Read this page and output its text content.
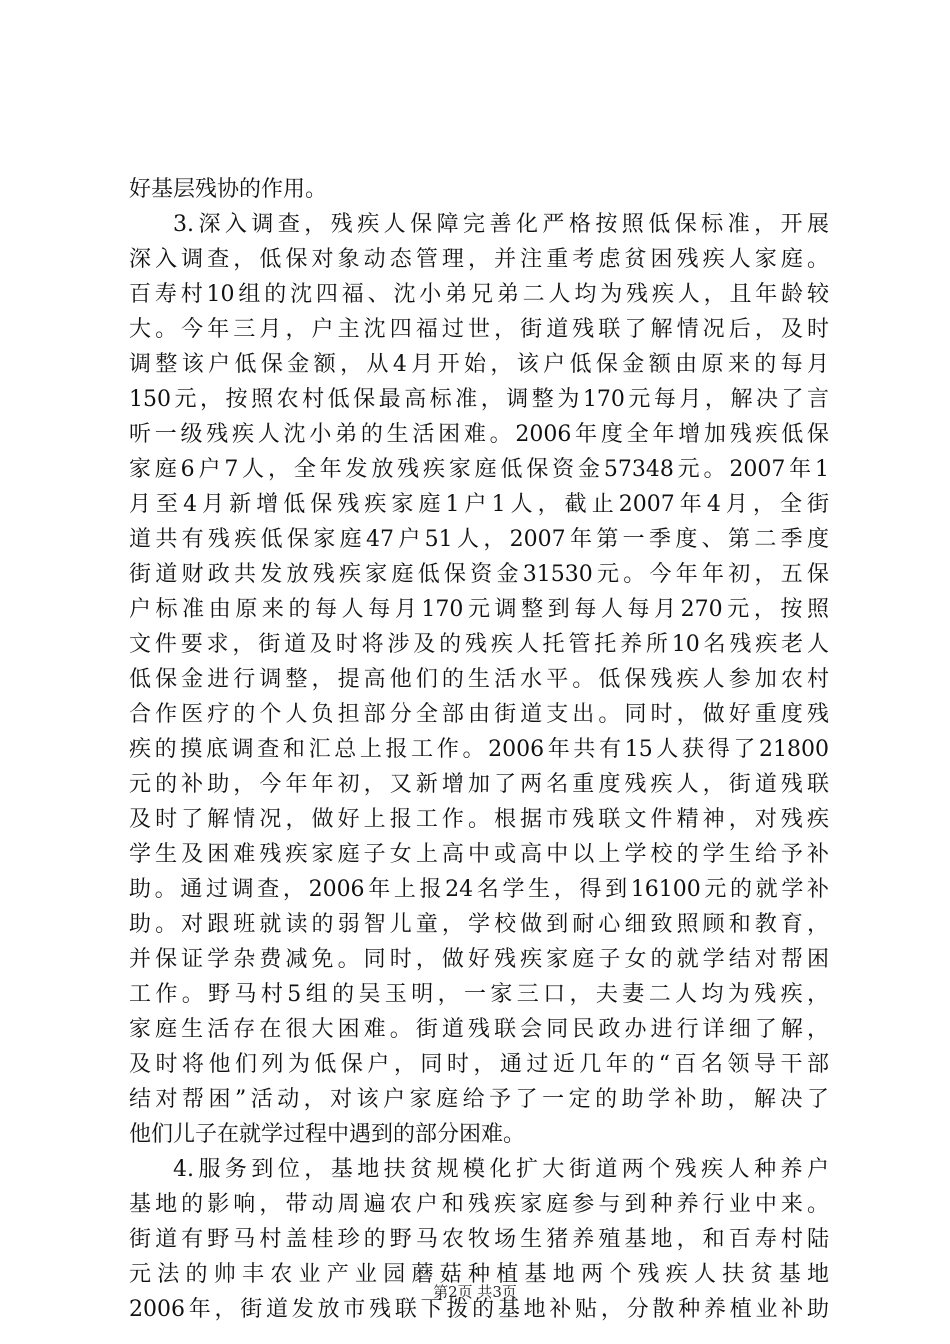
好基层残协的作用。
3.深入调查，残疾人保障完善化严格按照低保标准，开展
深入调查，低保对象动态管理，并注重考虑贫困残疾人家庭。
百寿村10组的沈四福、沈小弟兄弟二人均为残疾人，且年龄较
大。今年三月，户主沈四福过世，街道残联了解情况后，及时
调整该户低保金额，从4月开始，该户低保金额由原来的每月
150元，按照农村低保最高标准，调整为170元每月，解决了言
听一级残疾人沈小弟的生活困难。2006年度全年增加残疾低保
家庭6户7人，全年发放残疾家庭低保资金57348元。2007年1
月至4月新增低保残疾家庭1户1人，截止2007年4月，全街
道共有残疾低保家庭47户51人，2007年第一季度、第二季度
街道财政共发放残疾家庭低保资金31530元。今年年初，五保
户标准由原来的每人每月170元调整到每人每月270元，按照
文件要求，街道及时将涉及的残疾人托管托养所10名残疾老人
低保金进行调整，提高他们的生活水平。低保残疾人参加农村
合作医疗的个人负担部分全部由街道支出。同时，做好重度残
疾的摸底调查和汇总上报工作。2006年共有15人获得了21800
元的补助，今年年初，又新增加了两名重度残疾人，街道残联
及时了解情况，做好上报工作。根据市残联文件精神，对残疾
学生及困难残疾家庭子女上高中或高中以上学校的学生给予补
助。通过调查，2006年上报24名学生，得到16100元的就学补
助。对跟班就读的弱智儿童，学校做到耐心细致照顾和教育，
并保证学杂费减免。同时，做好残疾家庭子女的就学结对帮困
工作。野马村5组的吴玉明，一家三口，夫妻二人均为残疾，
家庭生活存在很大困难。街道残联会同民政办进行详细了解，
及时将他们列为低保户，同时，通过近几年的“百名领导干部
结对帮困”活动，对该户家庭给予了一定的助学补助，解决了
他们儿子在就学过程中遇到的部分困难。
4.服务到位，基地扶贫规模化扩大街道两个残疾人种养户
基地的影响，带动周遍农户和残疾家庭参与到种养行业中来。
街道有野马村盖桂珍的野马农牧场生猪养殖基地，和百寿村陆
元法的帅丰农业产业园蘑菇种植基地两个残疾人扶贫基地
2006年，街道发放市残联下拨的基地补贴，分散种养植业补助
第2页 共3页
